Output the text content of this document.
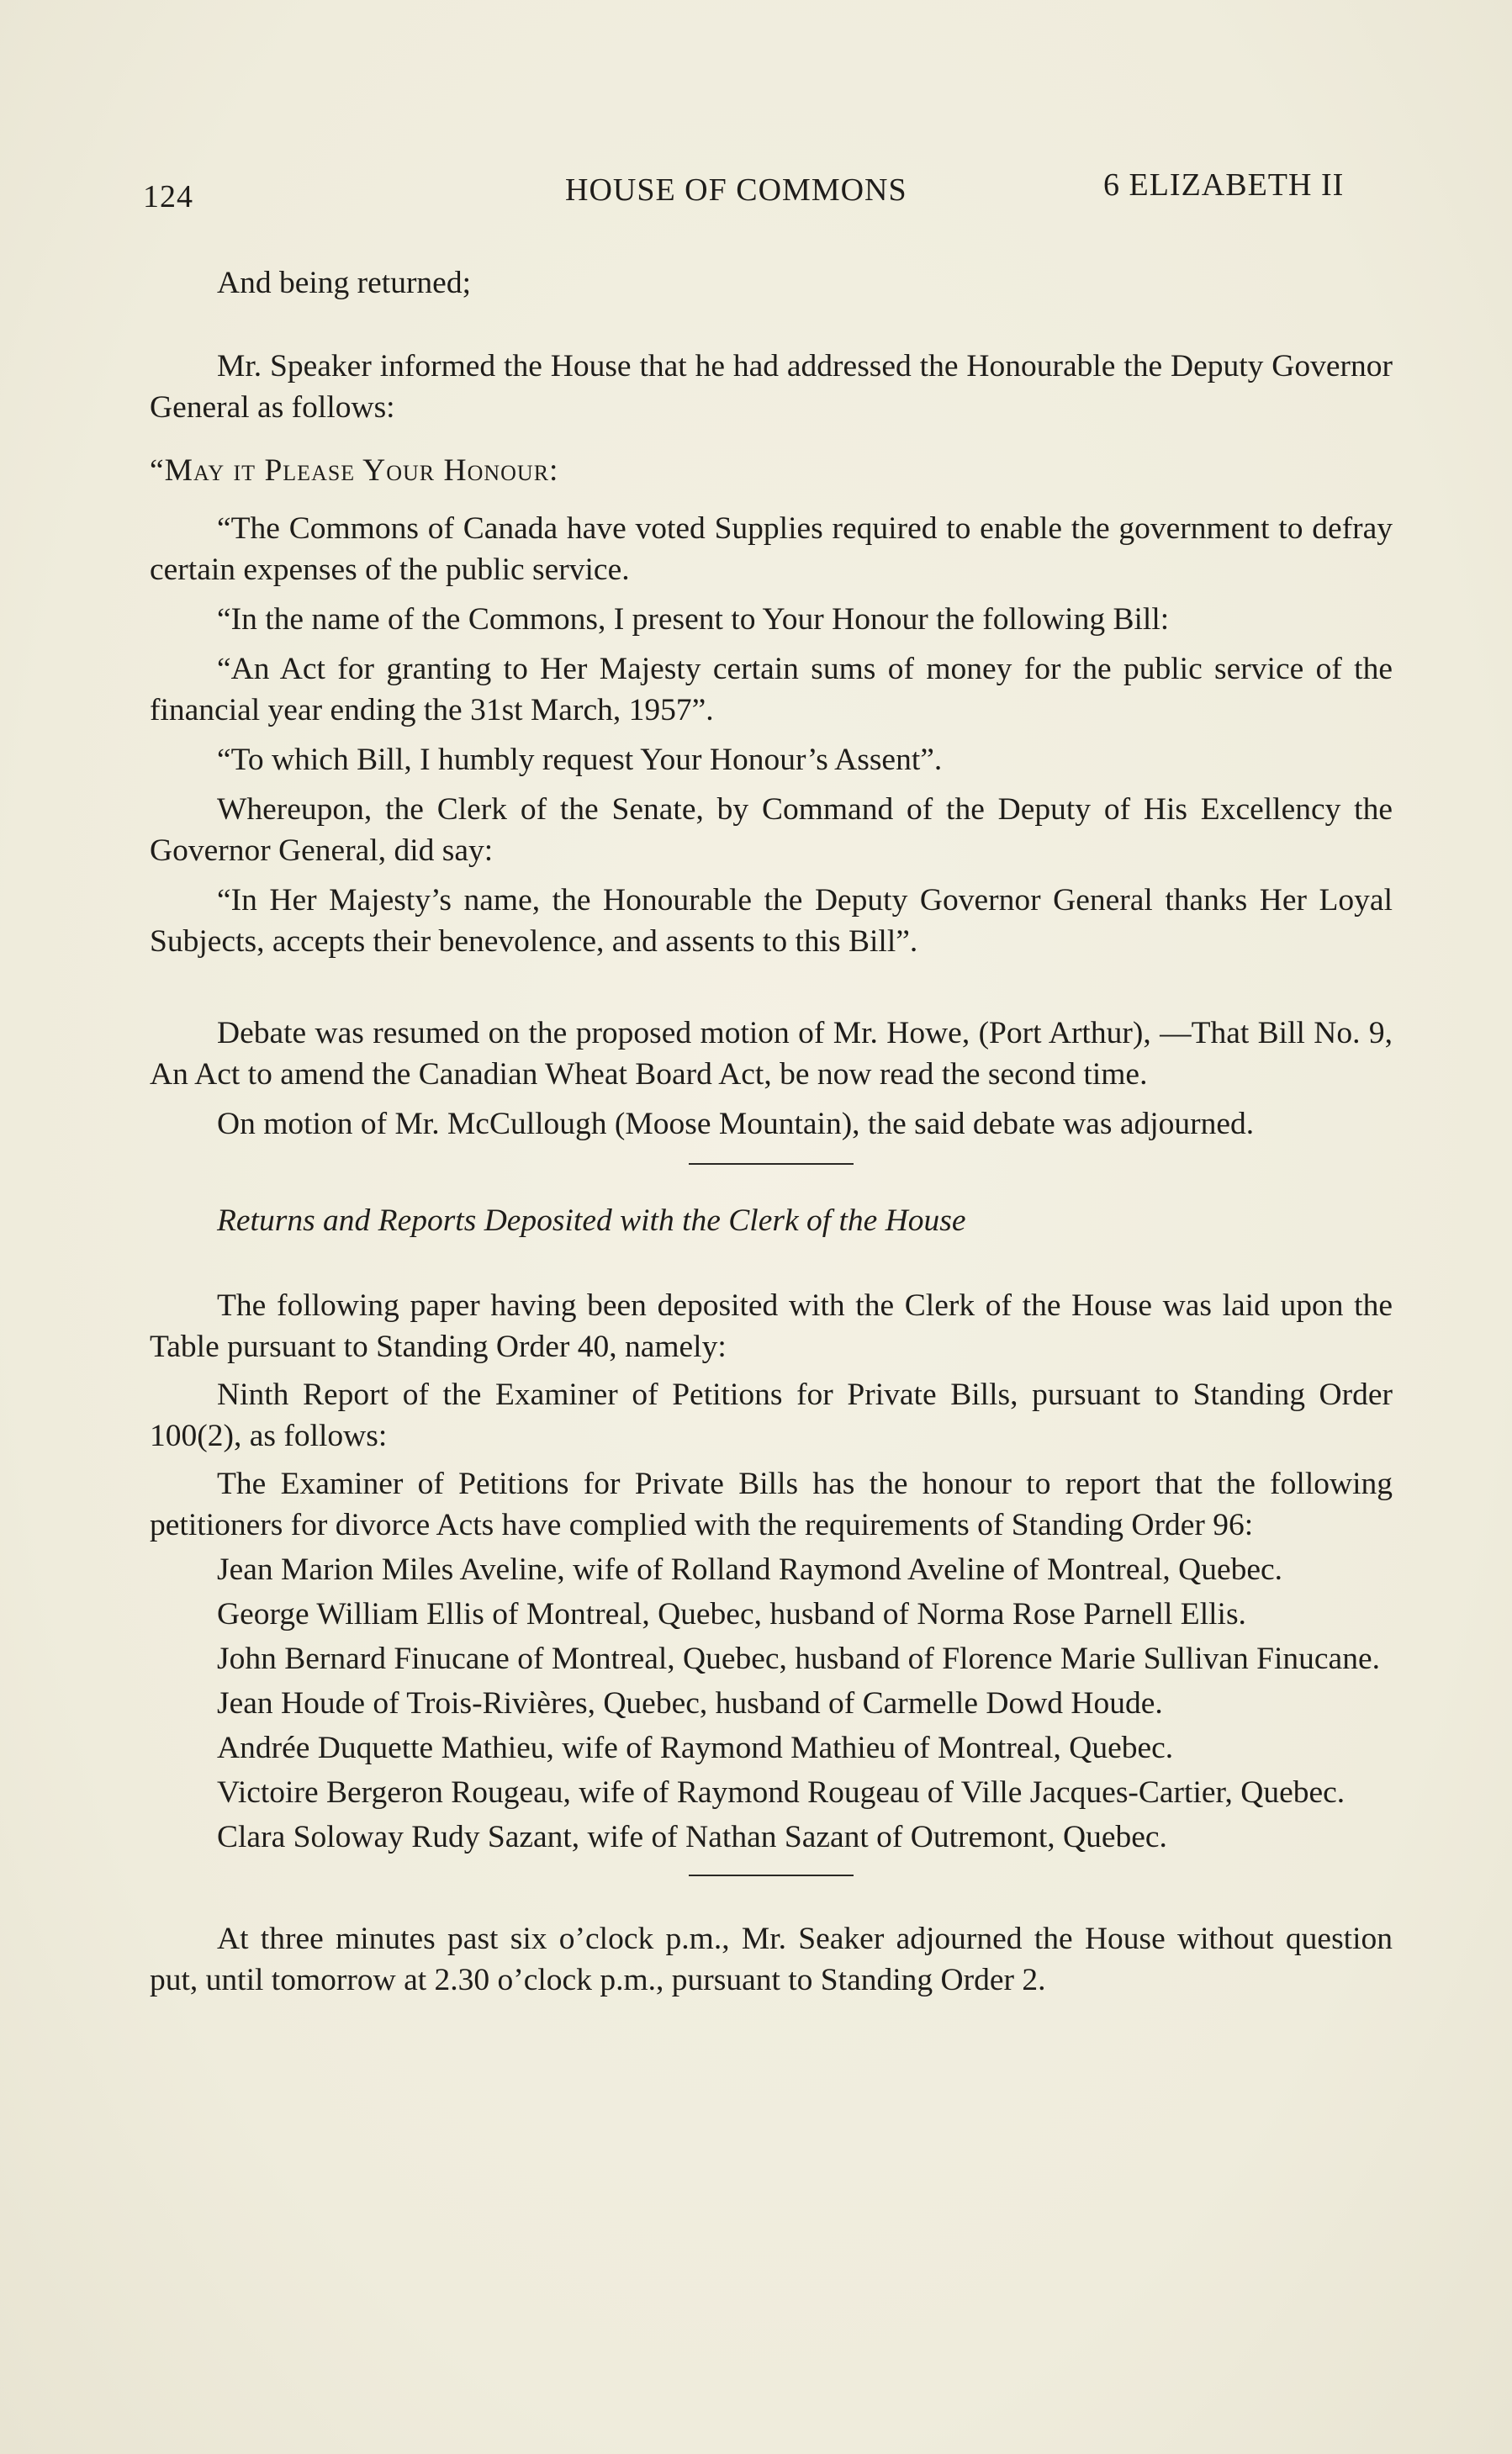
124	HOUSE OF COMMONS	6 ELIZABETH II

And being returned;

Mr. Speaker informed the House that he had addressed the Honourable the Deputy Governor General as follows:

“May it Please Your Honour:

“The Commons of Canada have voted Supplies required to enable the government to defray certain expenses of the public service.

“In the name of the Commons, I present to Your Honour the following Bill:

“An Act for granting to Her Majesty certain sums of money for the public service of the financial year ending the 31st March, 1957”.

“To which Bill, I humbly request Your Honour’s Assent”.

Whereupon, the Clerk of the Senate, by Command of the Deputy of His Excellency the Governor General, did say:

“In Her Majesty’s name, the Honourable the Deputy Governor General thanks Her Loyal Subjects, accepts their benevolence, and assents to this Bill”.

Debate was resumed on the proposed motion of Mr. Howe, (Port Arthur), —That Bill No. 9, An Act to amend the Canadian Wheat Board Act, be now read the second time.

On motion of Mr. McCullough (Moose Mountain), the said debate was adjourned.

Returns and Reports Deposited with the Clerk of the House

The following paper having been deposited with the Clerk of the House was laid upon the Table pursuant to Standing Order 40, namely:

Ninth Report of the Examiner of Petitions for Private Bills, pursuant to Standing Order 100(2), as follows:

The Examiner of Petitions for Private Bills has the honour to report that the following petitioners for divorce Acts have complied with the requirements of Standing Order 96:

Jean Marion Miles Aveline, wife of Rolland Raymond Aveline of Montreal, Quebec.

George William Ellis of Montreal, Quebec, husband of Norma Rose Parnell Ellis.

John Bernard Finucane of Montreal, Quebec, husband of Florence Marie Sullivan Finucane.

Jean Houde of Trois-Rivières, Quebec, husband of Carmelle Dowd Houde.

Andrée Duquette Mathieu, wife of Raymond Mathieu of Montreal, Quebec.

Victoire Bergeron Rougeau, wife of Raymond Rougeau of Ville Jacques-Cartier, Quebec.

Clara Soloway Rudy Sazant, wife of Nathan Sazant of Outremont, Quebec.

At three minutes past six o’clock p.m., Mr. Seaker adjourned the House without question put, until tomorrow at 2.30 o’clock p.m., pursuant to Standing Order 2.
